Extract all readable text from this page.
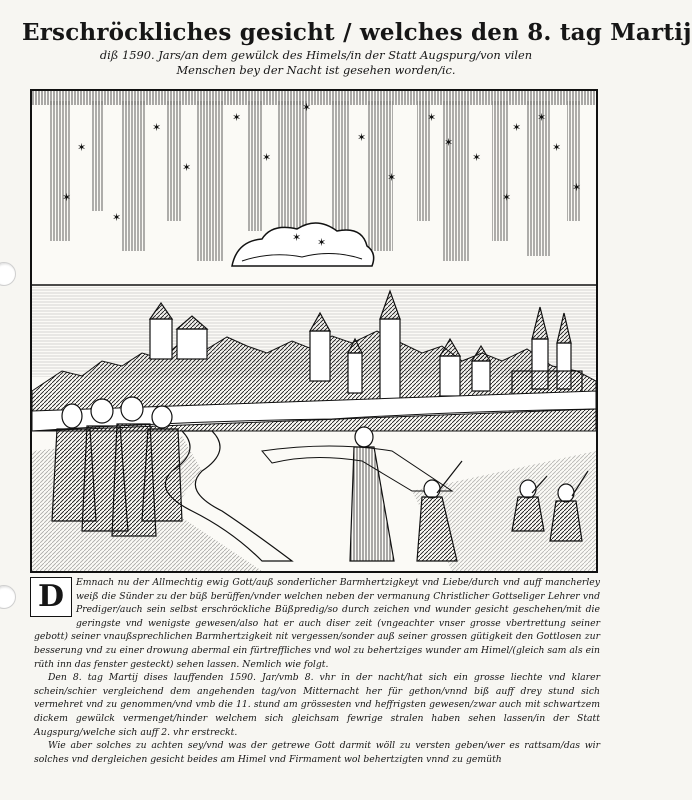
Erschröckliches gesicht / welches den 8. tag Martij

diß 1590. Jars/an dem gewülck des Himels/in der Statt Augspurg/von vilen

Menschen bey der Nacht ist gesehen worden/ic.

✶
✶
✶
✶
✶
✶
✶
✶
✶
✶
✶
✶
✶
✶	✶
✶
✶ ✶
✶
✶

D	Emnach nu der Allmechtig ewig Gott/auß sonderlicher Barmhertzigkeyt vnd Liebe/durch vnd auff mancherley weiß die Sünder zu der büß berüffen/vnder welchen neben der vermanung Christlicher Gottseliger Lehrer vnd Prediger/auch sein selbst erschröckliche Büßpredig/so durch zeichen vnd wunder gesicht geschehen/mit die geringste vnd wenigste gewesen/also hat er auch diser zeit (vngeachter vnser grosse vbertrettung seiner gebott) seiner vnaußsprechlichen Barmhertzigkeit nit vergessen/sonder auß seiner grossen gütigkeit den Gottlosen zur besserung vnd zu einer drowung abermal ein fürtreffliches vnd wol zu behertziges wunder am Himel/(gleich sam als ein rüth inn das fenster gesteckt) sehen lassen. Nemlich wie folgt.

Den 8. tag Martij dises lauffenden 1590. Jar/vmb 8. vhr in der nacht/hat sich ein grosse liechte vnd klarer schein/schier vergleichend dem angehenden tag/von Mitternacht her für gethon/vnnd biß auff drey stund sich vermehret vnd zu genommen/vnd vmb die 11. stund am grössesten vnd heffrigsten gewesen/zwar auch mit schwartzem dickem gewülck vermenget/hinder welchem sich gleichsam fewrige stralen haben sehen lassen/in der Statt Augspurg/welche sich auff 2. vhr erstreckt.

Wie aber solches zu achten sey/vnd was der getrewe Gott darmit wöll zu versten geben/wer es rattsam/das wir solches vnd dergleichen gesicht beides am Himel vnd Firmament wol behertzigten vnnd zu gemüth
